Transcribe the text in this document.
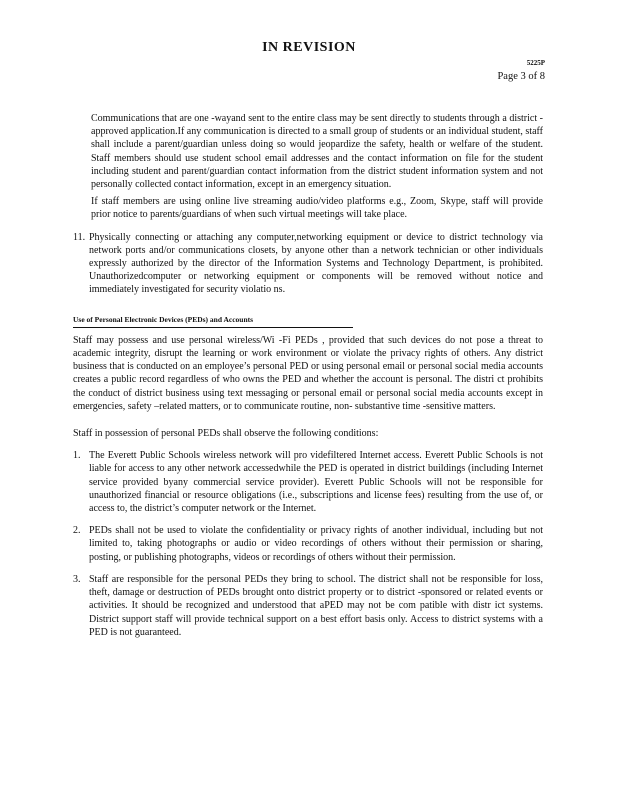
IN REVISION
5225P
Page 3 of 8

Communications that are one -wayand sent to the entire class may be sent directly to students through a district -approved application.If any communication is directed to a small group of students or an individual student, staff shall include a parent/guardian unless doing so would jeopardize the safety, health or welfare of the student. Staff members should use student school email addresses and the contact information on file for the student including student and parent/guardian contact information from the district student information system and not personally collected contact information, except in an emergency situation.

If staff members are using online live streaming audio/video platforms e.g., Zoom, Skype, staff will provide prior notice to parents/guardians of when such virtual meetings will take place.

11. Physically connecting or attaching any computer,networking equipment or device to district technology via network ports and/or communications closets, by anyone other than a network technician or other individuals expressly authorized by the director of the Information Systems and Technology Department, is prohibited. Unauthorizedcomputer or networking equipment or components will be removed without notice and immediately investigated for security violatio ns.
Use of Personal Electronic Devices (PEDs) and Accounts

Staff may possess and use personal wireless/Wi -Fi PEDs , provided that such devices do not pose a threat to academic integrity, disrupt the learning or work environment or violate the privacy rights of others. Any district business that is conducted on an employee’s personal PED or using personal email or personal social media accounts creates a public record regardless of who owns the PED and whether the account is personal. The distri ct prohibits the conduct of district business using text messaging or personal email or personal social media accounts except in emergencies, safety –related matters, or to communicate routine, non- substantive time -sensitive matters.

Staff in possession of personal PEDs shall observe the following conditions:

1. The Everett Public Schools wireless network will pro videfiltered Internet access. Everett Public Schools is not liable for access to any other network accessedwhile the PED is operated in district buildings (including Internet service provided byany commercial service provider). Everett Public Schools will not be responsible for unauthorized financial or resource obligations (i.e., subscriptions and license fees) resulting from the use of, or access to, the district’s computer network or the Internet.
2. PEDs shall not be used to violate the confidentiality or privacy rights of another individual, including but not limited to, taking photographs or audio or video recordings of others without their permission or sharing, posting, or publishing photographs, videos or recordings of others without their permission.
3. Staff are responsible for the personal PEDs they bring to school. The district shall not be responsible for loss, theft, damage or destruction of PEDs brought onto district property or to district -sponsored or related events or activities. It should be recognized and understood that aPED may not be com patible with distr ict systems. District support staff will provide technical support on a best effort basis only. Access to district systems with a PED is not guaranteed.
